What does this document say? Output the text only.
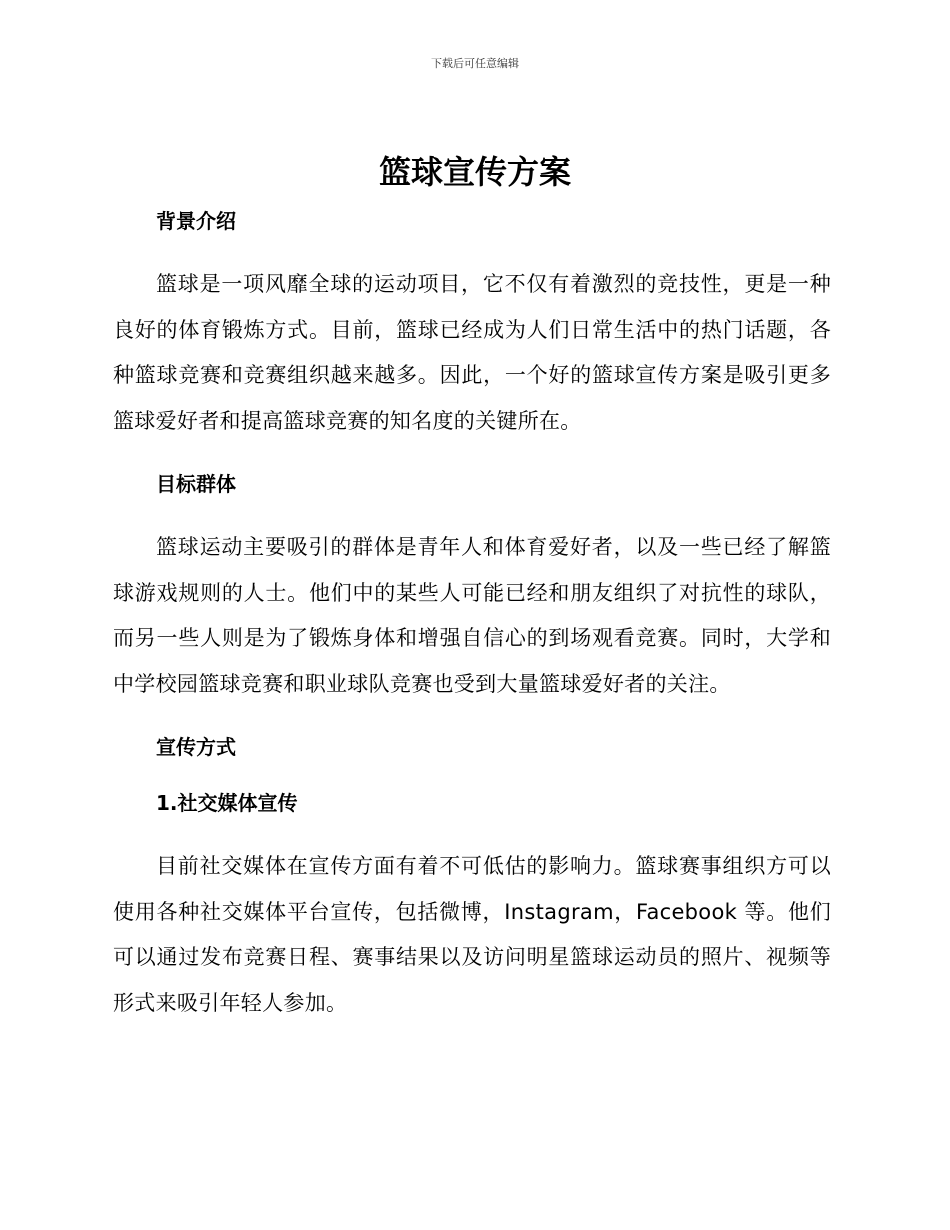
下载后可任意编辑
篮球宣传方案
背景介绍

篮球是一项风靡全球的运动项目，它不仅有着激烈的竞技性，更是一种良好的体育锻炼方式。目前，篮球已经成为人们日常生活中的热门话题，各种篮球竞赛和竞赛组织越来越多。因此，一个好的篮球宣传方案是吸引更多篮球爱好者和提高篮球竞赛的知名度的关键所在。

目标群体

篮球运动主要吸引的群体是青年人和体育爱好者，以及一些已经了解篮球游戏规则的人士。他们中的某些人可能已经和朋友组织了对抗性的球队，而另一些人则是为了锻炼身体和增强自信心的到场观看竞赛。同时，大学和中学校园篮球竞赛和职业球队竞赛也受到大量篮球爱好者的关注。

宣传方式
1.社交媒体宣传

目前社交媒体在宣传方面有着不可低估的影响力。篮球赛事组织方可以使用各种社交媒体平台宣传，包括微博，Instagram，Facebook 等。他们可以通过发布竞赛日程、赛事结果以及访问明星篮球运动员的照片、视频等形式来吸引年轻人参加。
